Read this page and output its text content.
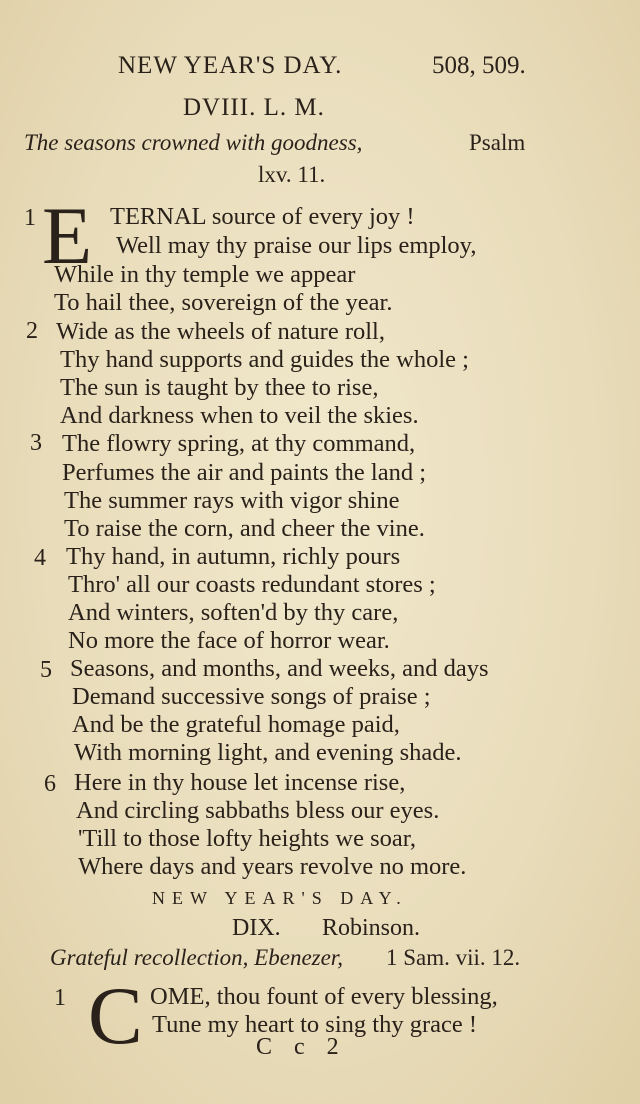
NEW YEAR'S DAY.	508, 509.
DVIII. L. M.
The seasons crowned with goodness,	Psalm
lxv. 11.
1 E TERNAL source of every joy !
Well may thy praise our lips employ,
While in thy temple we appear
To hail thee, sovereign of the year.
2 Wide as the wheels of nature roll,
Thy hand supports and guides the whole ;
The sun is taught by thee to rise,
And darkness when to veil the skies.
3 The flowry spring, at thy command,
Perfumes the air and paints the land ;
The summer rays with vigor shine
To raise the corn, and cheer the vine.
4 Thy hand, in autumn, richly pours
Thro' all our coasts redundant stores ;
And winters, soften'd by thy care,
No more the face of horror wear.
5 Seasons, and months, and weeks, and days
Demand successive songs of praise ;
And be the grateful homage paid,
With morning light, and evening shade.
6 Here in thy house let incense rise,
And circling sabbaths bless our eyes.
'Till to those lofty heights we soar,
Where days and years revolve no more.
NEW YEAR'S DAY.
DIX. Robinson.
Grateful recollection, Ebenezer, 1 Sam. vii. 12.
1 C OME, thou fount of every blessing,
Tune my heart to sing thy grace !
C c 2
